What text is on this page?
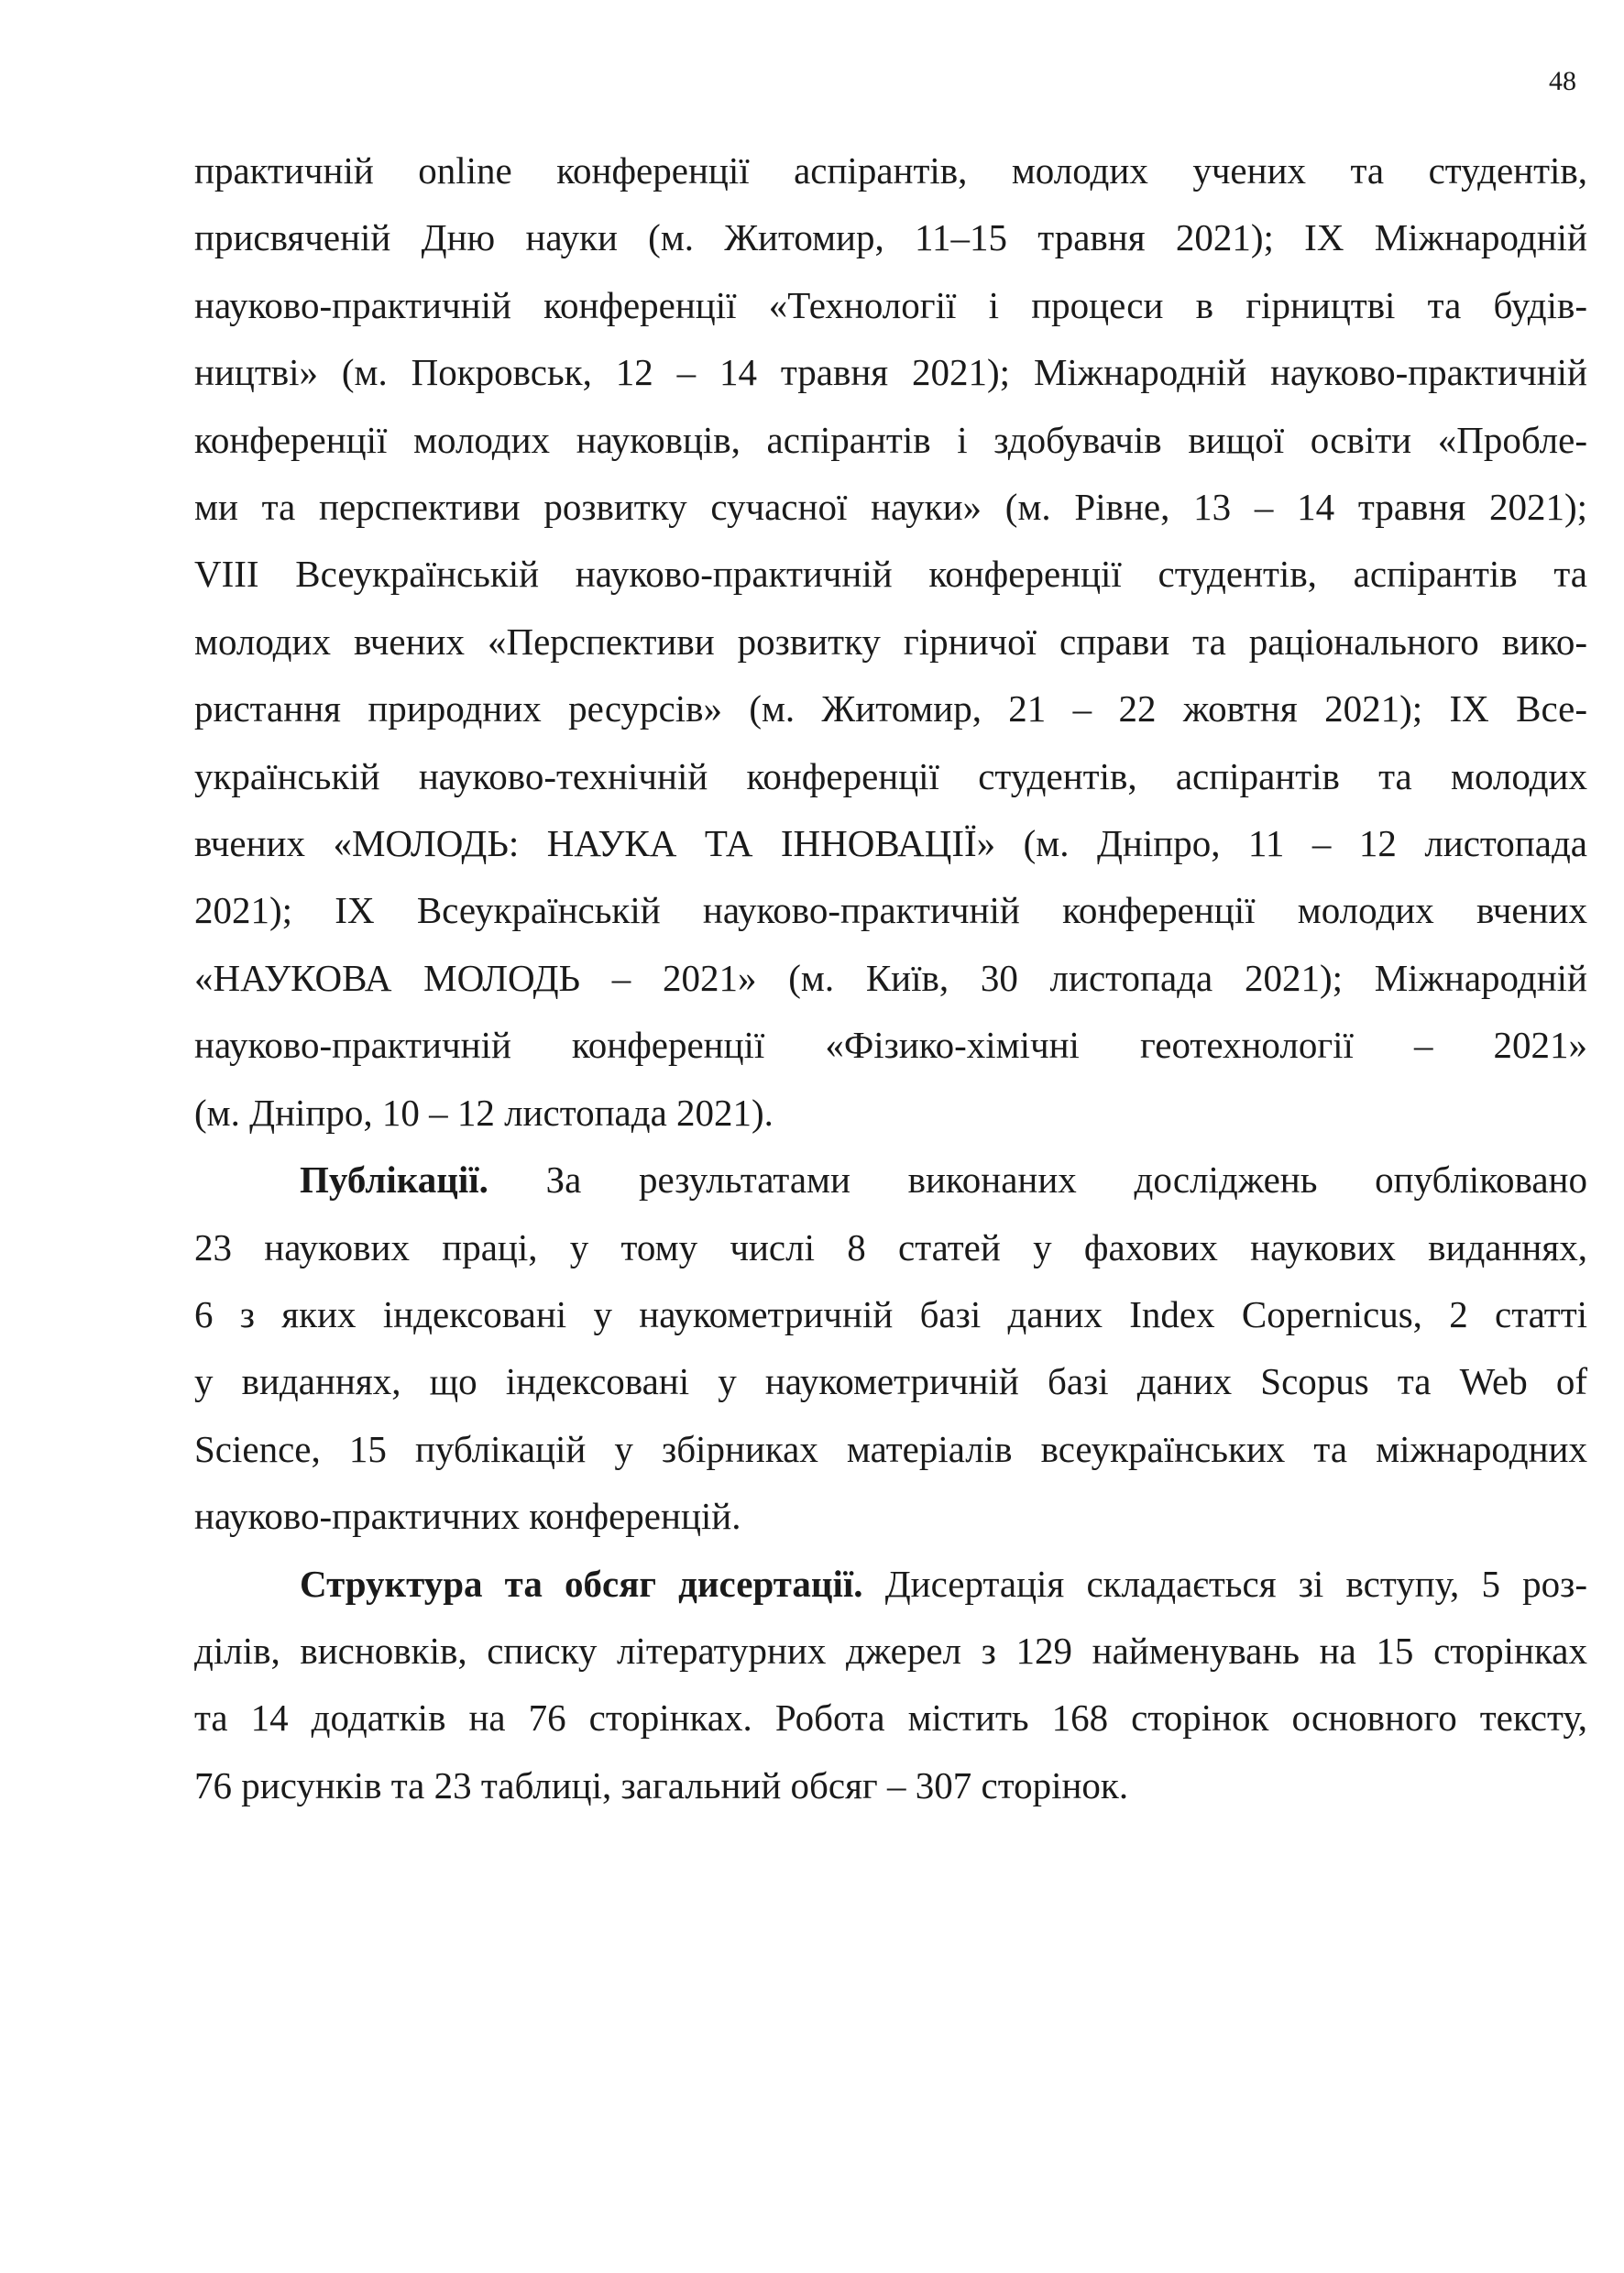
48
практичній online конференції аспірантів, молодих учених та студентів,
присвяченій Дню науки (м. Житомир, 11–15 травня 2021); IX Міжнародній
науково-практичній конференції «Технології і процеси в гірництві та будів-
ництві» (м. Покровськ, 12 – 14 травня 2021); Міжнародній науково-практичній
конференції молодих науковців, аспірантів і здобувачів вищої освіти «Пробле-
ми та перспективи розвитку сучасної науки» (м. Рівне, 13 – 14 травня 2021);
VIII Всеукраїнській науково-практичній конференції студентів, аспірантів та
молодих вчених «Перспективи розвитку гірничої справи та раціонального вико-
ристання природних ресурсів» (м. Житомир, 21 – 22 жовтня 2021); IX Все-
українській науково-технічній конференції студентів, аспірантів та молодих
вчених «МОЛОДЬ: НАУКА ТА ІННОВАЦІЇ» (м. Дніпро, 11 – 12 листопада
2021); IX Всеукраїнській науково-практичній конференції молодих вчених
«НАУКОВА МОЛОДЬ – 2021» (м. Київ, 30 листопада 2021); Міжнародній
науково-практичній конференції «Фізико-хімічні геотехнології – 2021»
(м. Дніпро, 10 – 12 листопада 2021).
Публікації. За результатами виконаних досліджень опубліковано
23 наукових праці, у тому числі 8 статей у фахових наукових виданнях,
6 з яких індексовані у наукометричній базі даних Index Copernicus, 2 статті
у виданнях, що індексовані у наукометричній базі даних Scopus та Web of
Science, 15 публікацій у збірниках матеріалів всеукраїнських та міжнародних
науково-практичних конференцій.
Структура та обсяг дисертації. Дисертація складається зі вступу, 5 роз-
ділів, висновків, списку літературних джерел з 129 найменувань на 15 сторінках
та 14 додатків на 76 сторінках. Робота містить 168 сторінок основного тексту,
76 рисунків та 23 таблиці, загальний обсяг – 307 сторінок.
